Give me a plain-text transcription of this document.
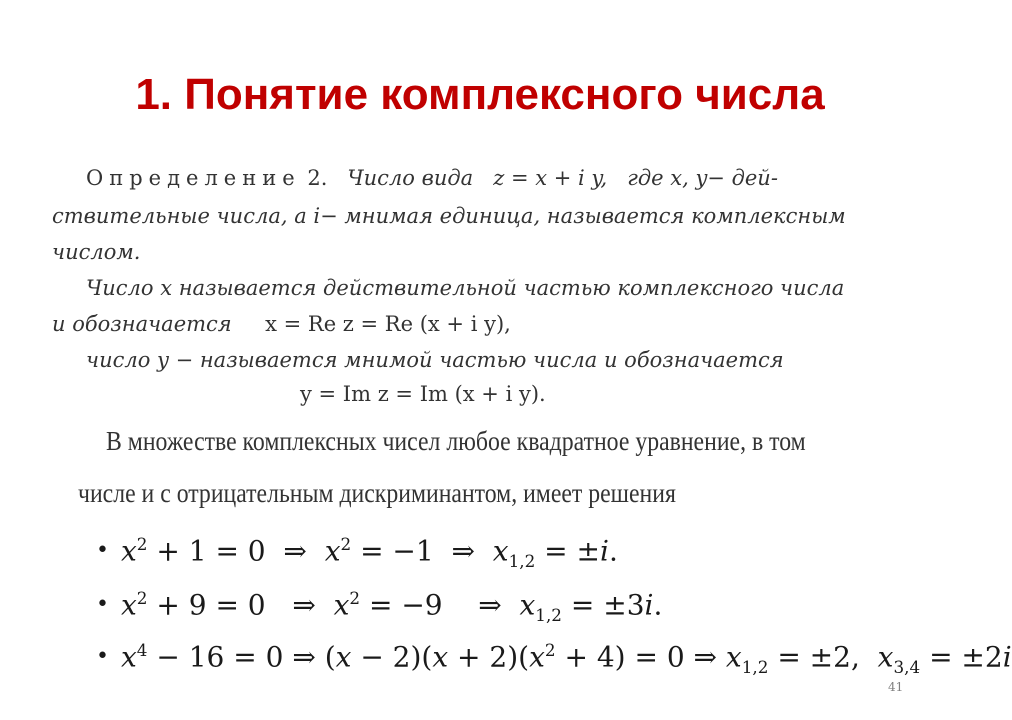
1. Понятие комплексного числа
Определение 2. Число вида z = x + i y, где x, y− дей-
ствительные числа, а i− мнимая единица, называется комплексным
числом.
Число x называется действительной частью комплексного числа
и обозначается x = Re z = Re (x + i y),
число y − называется мнимой частью числа и обозначается
y = Im z = Im (x + i y).
В множестве комплексных чисел любое квадратное уравнение, в том
числе и с отрицательным дискриминантом, имеет решения
• $x^2 + 1 = 0$  ⇒  $x^2 = -1$  ⇒  $x_{1,2} = \pm i$.
• $x^2 + 9 = 0$   ⇒  $x^2 = -9$    ⇒  $x_{1,2} = \pm 3i$.
• $x^4 - 16 = 0$ ⇒ $(x - 2)(x + 2)(x^2 + 4) = 0$ ⇒ $x_{1,2} = \pm 2$,  $x_{3,4} = \pm 2i$
41
